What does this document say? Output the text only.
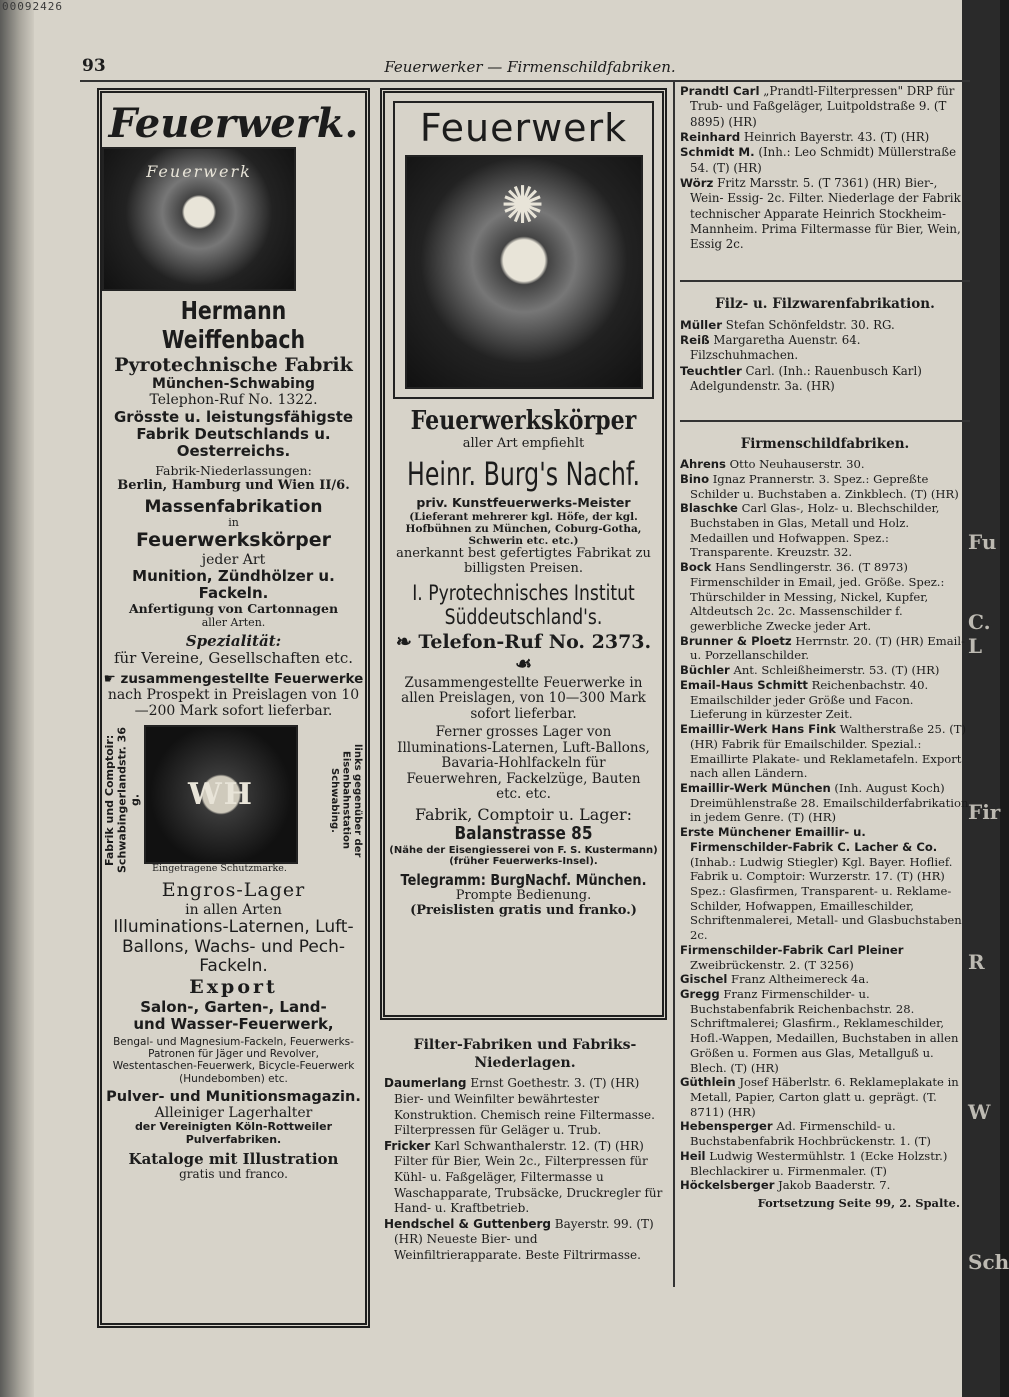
Fu
C. L
Fir
R
W
Sch
00092426
93	Feuerwerker — Firmenschildfabriken.
Feuerwerk.
Feuerwerk
Hermann Weiffenbach
Pyrotechnische Fabrik
München-Schwabing
Telephon-Ruf No. 1322.
Grösste u. leistungsfähigste Fabrik Deutschlands u. Oesterreichs.
Fabrik-Niederlassungen:
Berlin, Hamburg und Wien II/6.
Massenfabrikation
in
Feuerwerkskörper
jeder Art
Munition, Zündhölzer u. Fackeln.
Anfertigung von Cartonnagen
aller Arten.
Spezialität:
für Vereine, Gesellschaften etc.
☛ zusammengestellte Feuerwerke
nach Prospekt in Preislagen von 10—200 Mark sofort lieferbar.
Fabrik und Comptoir: Schwabingerlandstr. 36 g.	WH	links gegenüber der Eisenbahnstation Schwabing.
Eingetragene Schutzmarke.
Engros-Lager
in allen Arten
Illuminations-Laternen, Luft-Ballons, Wachs- und Pech-Fackeln.
Export
Salon-, Garten-, Land-
und Wasser-Feuerwerk,
Bengal- und Magnesium-Fackeln, Feuerwerks-Patronen für Jäger und Revolver, Westentaschen-Feuerwerk, Bicycle-Feuerwerk (Hundebomben) etc.
Pulver- und Munitionsmagazin.
Alleiniger Lagerhalter
der Vereinigten Köln-Rottweiler Pulverfabriken.
Kataloge mit Illustration
gratis und franco.
Feuerwerk
✺
Feuerwerkskörper
aller Art empfiehlt
Heinr. Burg's Nachf.
priv. Kunstfeuerwerks-Meister
(Lieferant mehrerer kgl. Höfe, der kgl. Hofbühnen zu München, Coburg-Gotha, Schwerin etc. etc.)
anerkannt best gefertigtes Fabrikat zu billigsten Preisen.
I. Pyrotechnisches Institut Süddeutschland's.
❧ Telefon-Ruf No. 2373. ☙
Zusammengestellte Feuerwerke in allen Preislagen, von 10—300 Mark sofort lieferbar.
Ferner grosses Lager von Illuminations-Laternen, Luft-Ballons, Bavaria-Hohlfackeln für Feuerwehren, Fackelzüge, Bauten etc. etc.
Fabrik, Comptoir u. Lager:
Balanstrasse 85
(Nähe der Eisengiesserei von F. S. Kustermann)
(früher Feuerwerks-Insel).
Telegramm: BurgNachf. München.
Prompte Bedienung.
(Preislisten gratis und franko.)
Filter-Fabriken und Fabriks-Niederlagen.

Daumerlang Ernst Goethestr. 3. (T) (HR) Bier- und Weinfilter bewährtester Konstruktion. Chemisch reine Filtermasse. Filterpressen für Geläger u. Trub.

Fricker Karl Schwanthalerstr. 12. (T) (HR) Filter für Bier, Wein 2c., Filterpressen für Kühl- u. Faßgeläger, Filtermasse u Waschapparate, Trubsäcke, Druckregler für Hand- u. Kraftbetrieb.

Hendschel & Guttenberg Bayerstr. 99. (T) (HR) Neueste Bier- und Weinfiltrierapparate. Beste Filtrirmasse.

Prandtl Carl „Prandtl-Filterpressen" DRP für Trub- und Faßgeläger, Luitpoldstraße 9. (T 8895) (HR)

Reinhard Heinrich Bayerstr. 43. (T) (HR)

Schmidt M. (Inh.: Leo Schmidt) Müllerstraße 54. (T) (HR)

Wörz Fritz Marsstr. 5. (T 7361) (HR) Bier-, Wein- Essig- 2c. Filter. Niederlage der Fabrik technischer Apparate Heinrich Stockheim-Mannheim. Prima Filtermasse für Bier, Wein, Essig 2c.

Filz- u. Filzwarenfabrikation.

Müller Stefan Schönfeldstr. 30. RG.

Reiß Margaretha Auenstr. 64. Filzschuhmachen.

Teuchtler Carl. (Inh.: Rauenbusch Karl) Adelgundenstr. 3a. (HR)

Firmenschildfabriken.

Ahrens Otto Neuhauserstr. 30.

Bino Ignaz Prannerstr. 3. Spez.: Gepreßte Schilder u. Buchstaben a. Zinkblech. (T) (HR)

Blaschke Carl Glas-, Holz- u. Blechschilder, Buchstaben in Glas, Metall und Holz. Medaillen und Hofwappen. Spez.: Transparente. Kreuzstr. 32.

Bock Hans Sendlingerstr. 36. (T 8973) Firmenschilder in Email, jed. Größe. Spez.: Thürschilder in Messing, Nickel, Kupfer, Altdeutsch 2c. 2c. Massenschilder f. gewerbliche Zwecke jeder Art.

Brunner & Ploetz Herrnstr. 20. (T) (HR) Email- u. Porzellanschilder.

Büchler Ant. Schleißheimerstr. 53. (T) (HR)

Email-Haus Schmitt Reichenbachstr. 40. Emailschilder jeder Größe und Facon. Lieferung in kürzester Zeit.

Emaillir-Werk Hans Fink Waltherstraße 25. (T) (HR) Fabrik für Emailschilder. Spezial.: Emaillirte Plakate- und Reklametafeln. Export nach allen Ländern.

Emaillir-Werk München (Inh. August Koch) Dreimühlenstraße 28. Emailschilderfabrikation in jedem Genre. (T) (HR)

Erste Münchener Emaillir- u. Firmenschilder-Fabrik C. Lacher & Co. (Inhab.: Ludwig Stiegler) Kgl. Bayer. Hoflief. Fabrik u. Comptoir: Wurzerstr. 17. (T) (HR) Spez.: Glasfirmen, Transparent- u. Reklame-Schilder, Hofwappen, Emailleschilder, Schriftenmalerei, Metall- und Glasbuchstaben 2c.

Firmenschilder-Fabrik Carl Pleiner Zweibrückenstr. 2. (T 3256)

Gischel Franz Altheimereck 4a.

Gregg Franz Firmenschilder- u. Buchstabenfabrik Reichenbachstr. 28. Schriftmalerei; Glasfirm., Reklameschilder, Hofl.-Wappen, Medaillen, Buchstaben in allen Größen u. Formen aus Glas, Metallguß u. Blech. (T) (HR)

Güthlein Josef Häberlstr. 6. Reklameplakate in Metall, Papier, Carton glatt u. geprägt. (T. 8711) (HR)

Hebensperger Ad. Firmenschild- u. Buchstabenfabrik Hochbrückenstr. 1. (T)

Heil Ludwig Westermühlstr. 1 (Ecke Holzstr.) Blechlackirer u. Firmenmaler. (T)

Höckelsberger Jakob Baaderstr. 7.

Fortsetzung Seite 99, 2. Spalte.
